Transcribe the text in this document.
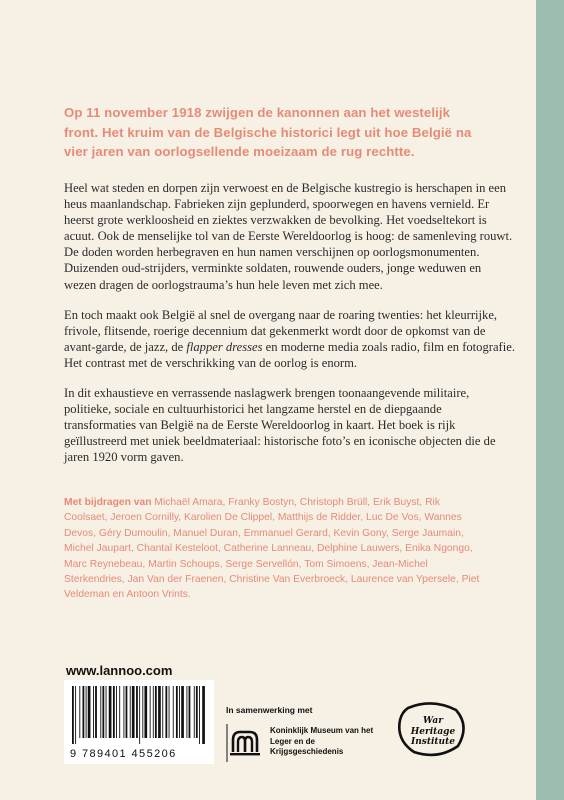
Op 11 november 1918 zwijgen de kanonnen aan het westelijk front. Het kruim van de Belgische historici legt uit hoe België na vier jaren van oorlogsellende moeizaam de rug rechtte.

Heel wat steden en dorpen zijn verwoest en de Belgische kustregio is herschapen in een heus maanlandschap. Fabrieken zijn geplunderd, spoorwegen en havens vernield. Er heerst grote werkloosheid en ziektes verzwakken de bevolking. Het voedseltekort is acuut. Ook de menselijke tol van de Eerste Wereldoorlog is hoog: de samenleving rouwt. De doden worden herbegraven en hun namen verschijnen op oorlogsmonumenten. Duizenden oud-strijders, verminkte soldaten, rouwende ouders, jonge weduwen en wezen dragen de oorlogstrauma’s hun hele leven met zich mee.

En toch maakt ook België al snel de overgang naar de roaring twenties: het kleurrijke, frivole, flitsende, roerige decennium dat gekenmerkt wordt door de opkomst van de avant-garde, de jazz, de flapper dresses en moderne media zoals radio, film en fotografie. Het contrast met de verschrikking van de oorlog is enorm.

In dit exhaustieve en verrassende naslagwerk brengen toonaangevende militaire, politieke, sociale en cultuurhistorici het langzame herstel en de diepgaande transformaties van België na de Eerste Wereldoorlog in kaart. Het boek is rijk geïllustreerd met uniek beeldmateriaal: historische foto’s en iconische objecten die de jaren 1920 vorm gaven.

Met bijdragen van Michaël Amara, Franky Bostyn, Christoph Brüll, Erik Buyst, Rik Coolsaet, Jeroen Cornilly, Karolien De Clippel, Matthijs de Ridder, Luc De Vos, Wannes Devos, Géry Dumoulin, Manuel Duran, Emmanuel Gerard, Kevin Gony, Serge Jaumain, Michel Jaupart, Chantal Kesteloot, Catherine Lanneau, Delphine Lauwers, Enika Ngongo, Marc Reynebeau, Martin Schoups, Serge Servellón, Tom Simoens, Jean-Michel Sterkendries, Jan Van der Fraenen, Christine Van Everbroeck, Laurence van Ypersele, Piet Veldeman en Antoon Vrints.
www.lannoo.com
9 789401 455206
In samenwerking met
Koninklijk Museum van het Leger en de Krijgsgeschiedenis
War
Heritage
Institute
